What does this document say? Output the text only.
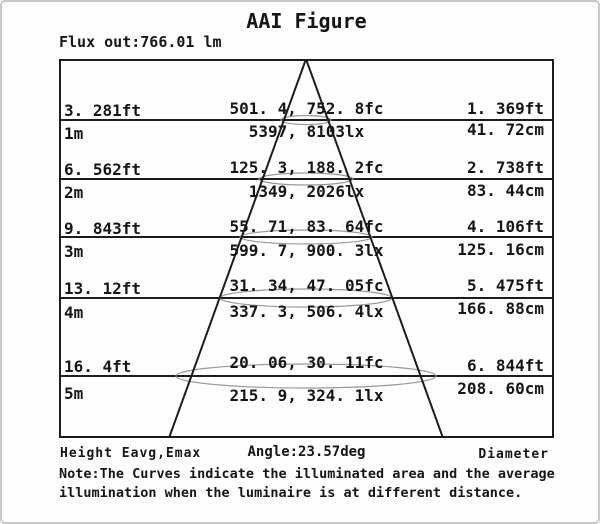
AAI Figure
Flux out:766.01 lm
3. 281ft
1m
501. 4, 752. 8fc
5397, 8103lx
1. 369ft
41. 72cm
6. 562ft
2m
125. 3, 188. 2fc
1349, 2026lx
2. 738ft
83. 44cm
9. 843ft
3m
55. 71, 83. 64fc
599. 7, 900. 3lx
4. 106ft
125. 16cm
13. 12ft
4m
31. 34, 47. 05fc
337. 3, 506. 4lx
5. 475ft
166. 88cm
16. 4ft
5m
20. 06, 30. 11fc
215. 9, 324. 1lx
6. 844ft
208. 60cm
Height Eavg,Emax	Angle:23.57deg	Diameter
Note:The Curves indicate the illuminated area and the average
illumination when the luminaire is at different distance.
